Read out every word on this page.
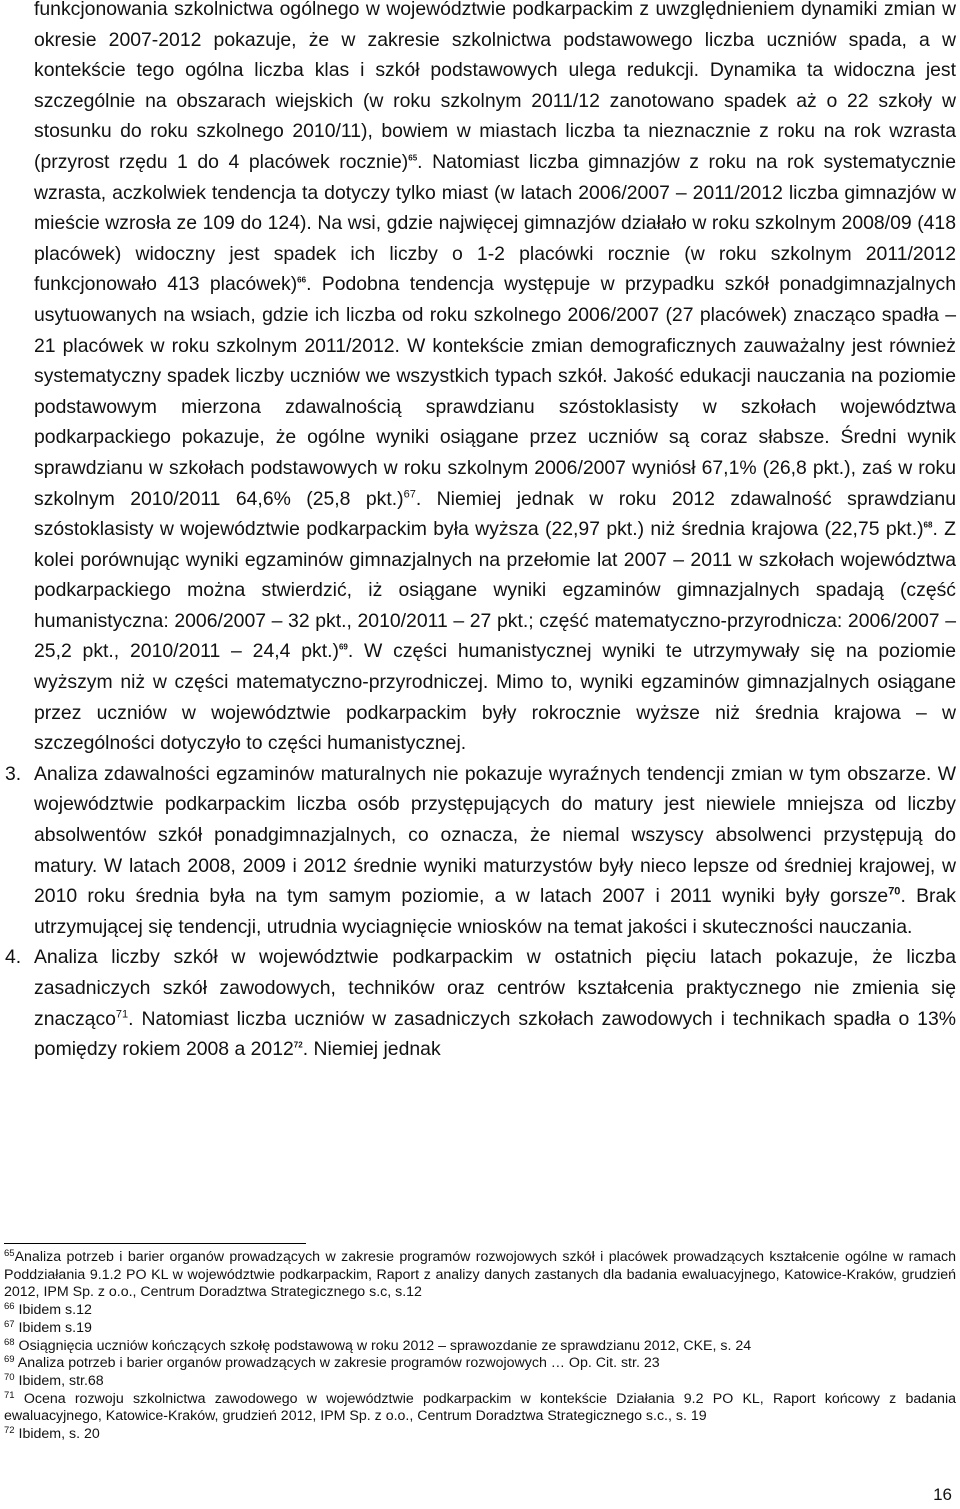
funkcjonowania szkolnictwa ogólnego w województwie podkarpackim z uwzględnieniem dynamiki zmian w okresie 2007-2012 pokazuje, że w zakresie szkolnictwa podstawowego liczba uczniów spada, a w kontekście tego ogólna liczba klas i szkół podstawowych ulega redukcji. Dynamika ta widoczna jest szczególnie na obszarach wiejskich (w roku szkolnym 2011/12 zanotowano spadek aż o 22 szkoły w stosunku do roku szkolnego 2010/11), bowiem w miastach liczba ta nieznacznie z roku na rok wzrasta (przyrost rzędu 1 do 4 placówek rocznie)$^{65}$. Natomiast liczba gimnazjów z roku na rok systematycznie wzrasta, aczkolwiek tendencja ta dotyczy tylko miast (w latach 2006/2007 – 2011/2012 liczba gimnazjów w mieście wzrosła ze 109 do 124). Na wsi, gdzie najwięcej gimnazjów działało w roku szkolnym 2008/09 (418 placówek) widoczny jest spadek ich liczby o 1-2 placówki rocznie (w roku szkolnym 2011/2012 funkcjonowało 413 placówek)$^{66}$. Podobna tendencja występuje w przypadku szkół ponadgimnazjalnych usytuowanych na wsiach, gdzie ich liczba od roku szkolnego 2006/2007 (27 placówek) znacząco spadła – 21 placówek w roku szkolnym 2011/2012. W kontekście zmian demograficznych zauważalny jest również systematyczny spadek liczby uczniów we wszystkich typach szkół. Jakość edukacji nauczania na poziomie podstawowym mierzona zdawalnością sprawdzianu szóstoklasisty w szkołach województwa podkarpackiego pokazuje, że ogólne wyniki osiągane przez uczniów są coraz słabsze. Średni wynik sprawdzianu w szkołach podstawowych w roku szkolnym 2006/2007 wyniósł 67,1% (26,8 pkt.), zaś w roku szkolnym 2010/2011 64,6% (25,8 pkt.)$^{67}$. Niemiej jednak w roku 2012 zdawalność sprawdzianu szóstoklasisty w województwie podkarpackim była wyższa (22,97 pkt.) niż średnia krajowa (22,75 pkt.)$^{68}$. Z kolei porównując wyniki egzaminów gimnazjalnych na przełomie lat 2007 – 2011 w szkołach województwa podkarpackiego można stwierdzić, iż osiągane wyniki egzaminów gimnazjalnych spadają (część humanistyczna: 2006/2007 – 32 pkt., 2010/2011 – 27 pkt.; część matematyczno-przyrodnicza: 2006/2007 – 25,2 pkt., 2010/2011 – 24,4 pkt.)$^{69}$. W części humanistycznej wyniki te utrzymywały się na poziomie wyższym niż w części matematyczno-przyrodniczej. Mimo to, wyniki egzaminów gimnazjalnych osiągane przez uczniów w województwie podkarpackim były rokrocznie wyższe niż średnia krajowa – w szczególności dotyczyło to części humanistycznej.

3. Analiza zdawalności egzaminów maturalnych nie pokazuje wyraźnych tendencji zmian w tym obszarze. W województwie podkarpackim liczba osób przystępujących do matury jest niewiele mniejsza od liczby absolwentów szkół ponadgimnazjalnych, co oznacza, że niemal wszyscy absolwenci przystępują do matury. W latach 2008, 2009 i 2012 średnie wyniki maturzystów były nieco lepsze od średniej krajowej, w 2010 roku średnia była na tym samym poziomie, a w latach 2007 i 2011 wyniki były gorsze$^{70}$. Brak utrzymującej się tendencji, utrudnia wyciagnięcie wniosków na temat jakości i skuteczności nauczania.

4. Analiza liczby szkół w województwie podkarpackim w ostatnich pięciu latach pokazuje, że liczba zasadniczych szkół zawodowych, techników oraz centrów kształcenia praktycznego nie zmienia się znacząco$^{71}$. Natomiast liczba uczniów w zasadniczych szkołach zawodowych i technikach spadła o 13% pomiędzy rokiem 2008 a 2012$^{72}$. Niemiej jednak

$^{65}$Analiza potrzeb i barier organów prowadzących w zakresie programów rozwojowych szkół i placówek prowadzących kształcenie ogólne w ramach Poddziałania 9.1.2 PO KL w województwie podkarpackim, Raport z analizy danych zastanych dla badania ewaluacyjnego, Katowice-Kraków, grudzień 2012, IPM Sp. z o.o., Centrum Doradztwa Strategicznego s.c, s.12

$^{66}$ Ibidem s.12

$^{67}$ Ibidem s.19

$^{68}$ Osiągnięcia uczniów kończących szkołę podstawową w roku 2012 – sprawozdanie ze sprawdzianu 2012, CKE, s. 24

$^{69}$ Analiza potrzeb i barier organów prowadzących w zakresie programów rozwojowych … Op. Cit. str. 23

$^{70}$ Ibidem, str.68

$^{71}$ Ocena rozwoju szkolnictwa zawodowego w województwie podkarpackim w kontekście Działania 9.2 PO KL, Raport końcowy z badania ewaluacyjnego, Katowice-Kraków, grudzień 2012, IPM Sp. z o.o., Centrum Doradztwa Strategicznego s.c., s. 19

$^{72}$ Ibidem, s. 20

16
